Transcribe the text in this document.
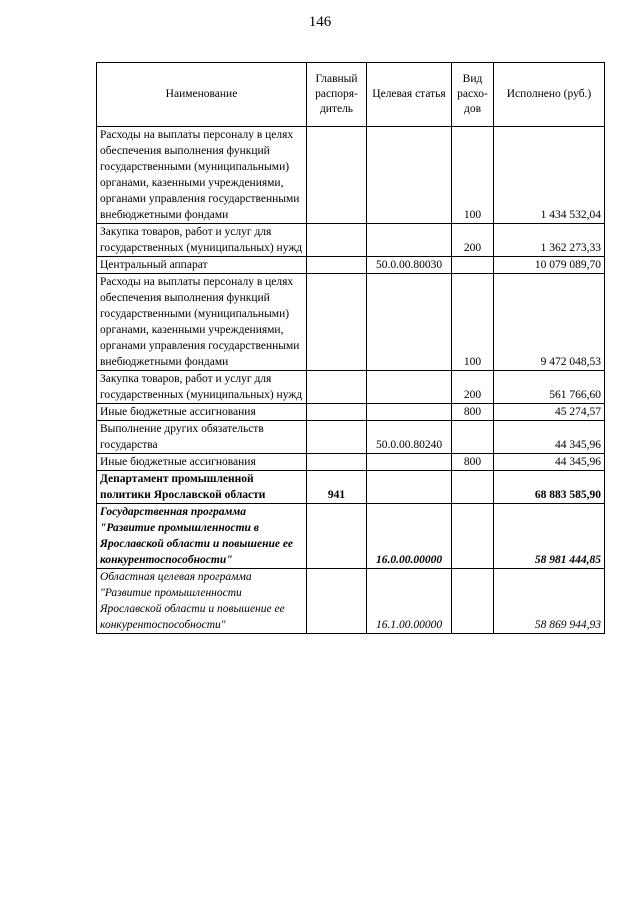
146
Наименование	Главный распоря-дитель	Целевая статья	Вид расхо-дов	Исполнено (руб.)
Расходы на выплаты персоналу в целях обеспечения выполнения функций государственными (муниципальными) органами, казенными учреждениями, органами управления государственными внебюджетными фондами			100	1 434 532,04
Закупка товаров, работ и услуг для государственных (муниципальных) нужд			200	1 362 273,33
Центральный аппарат		50.0.00.80030		10 079 089,70
Расходы на выплаты персоналу в целях обеспечения выполнения функций государственными (муниципальными) органами, казенными учреждениями, органами управления государственными внебюджетными фондами			100	9 472 048,53
Закупка товаров, работ и услуг для государственных (муниципальных) нужд			200	561 766,60
Иные бюджетные ассигнования			800	45 274,57
Выполнение других обязательств государства		50.0.00.80240		44 345,96
Иные бюджетные ассигнования			800	44 345,96
Департамент промышленной политики Ярославской области	941			68 883 585,90
Государственная программа "Развитие промышленности в Ярославской области и повышение ее конкурентоспособности"		16.0.00.00000		58 981 444,85
Областная целевая программа "Развитие промышленности Ярославской области и повышение ее конкурентоспособности"		16.1.00.00000		58 869 944,93
